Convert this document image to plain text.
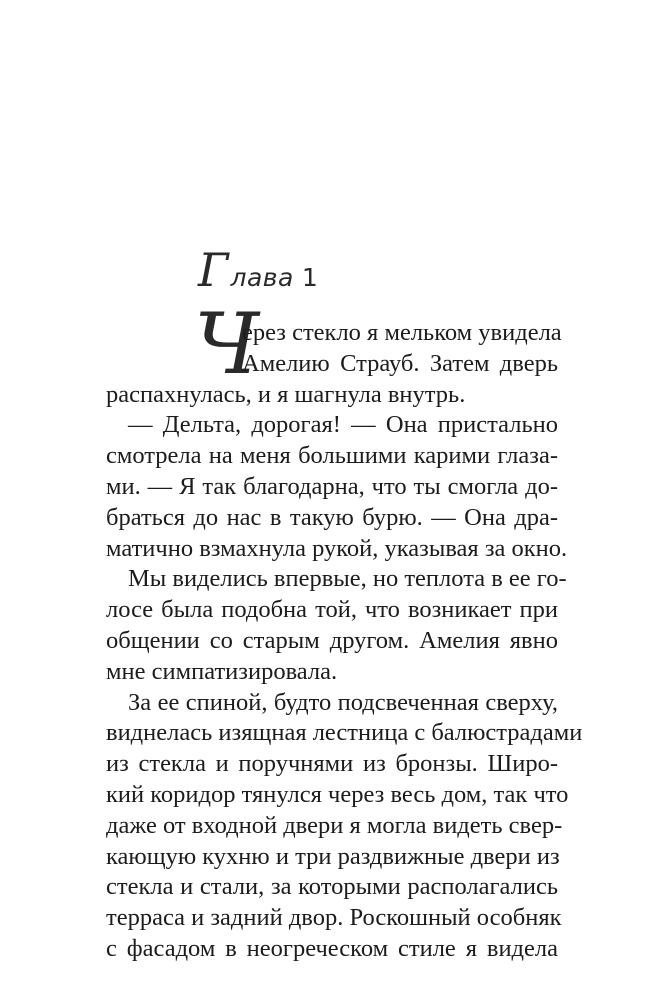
Г лава 1
Ч
ерез стекло я мельком увидела
Амелию Страуб. Затем дверь
распахнулась, и я шагнула внутрь.
— Дельта, дорогая! — Она пристально
смотрела на меня большими карими глаза-
ми. — Я так благодарна, что ты смогла до-
браться до нас в такую бурю. — Она дра-
матично взмахнула рукой, указывая за окно.
Мы виделись впервые, но теплота в ее го-
лосе была подобна той, что возникает при
общении со старым другом. Амелия явно
мне симпатизировала.
За ее спиной, будто подсвеченная сверху,
виднелась изящная лестница с балюстрадами
из стекла и поручнями из бронзы. Широ-
кий коридор тянулся через весь дом, так что
даже от входной двери я могла видеть свер-
кающую кухню и три раздвижные двери из
стекла и стали, за которыми располагались
терраса и задний двор. Роскошный особняк
с фасадом в неогреческом стиле я видела
